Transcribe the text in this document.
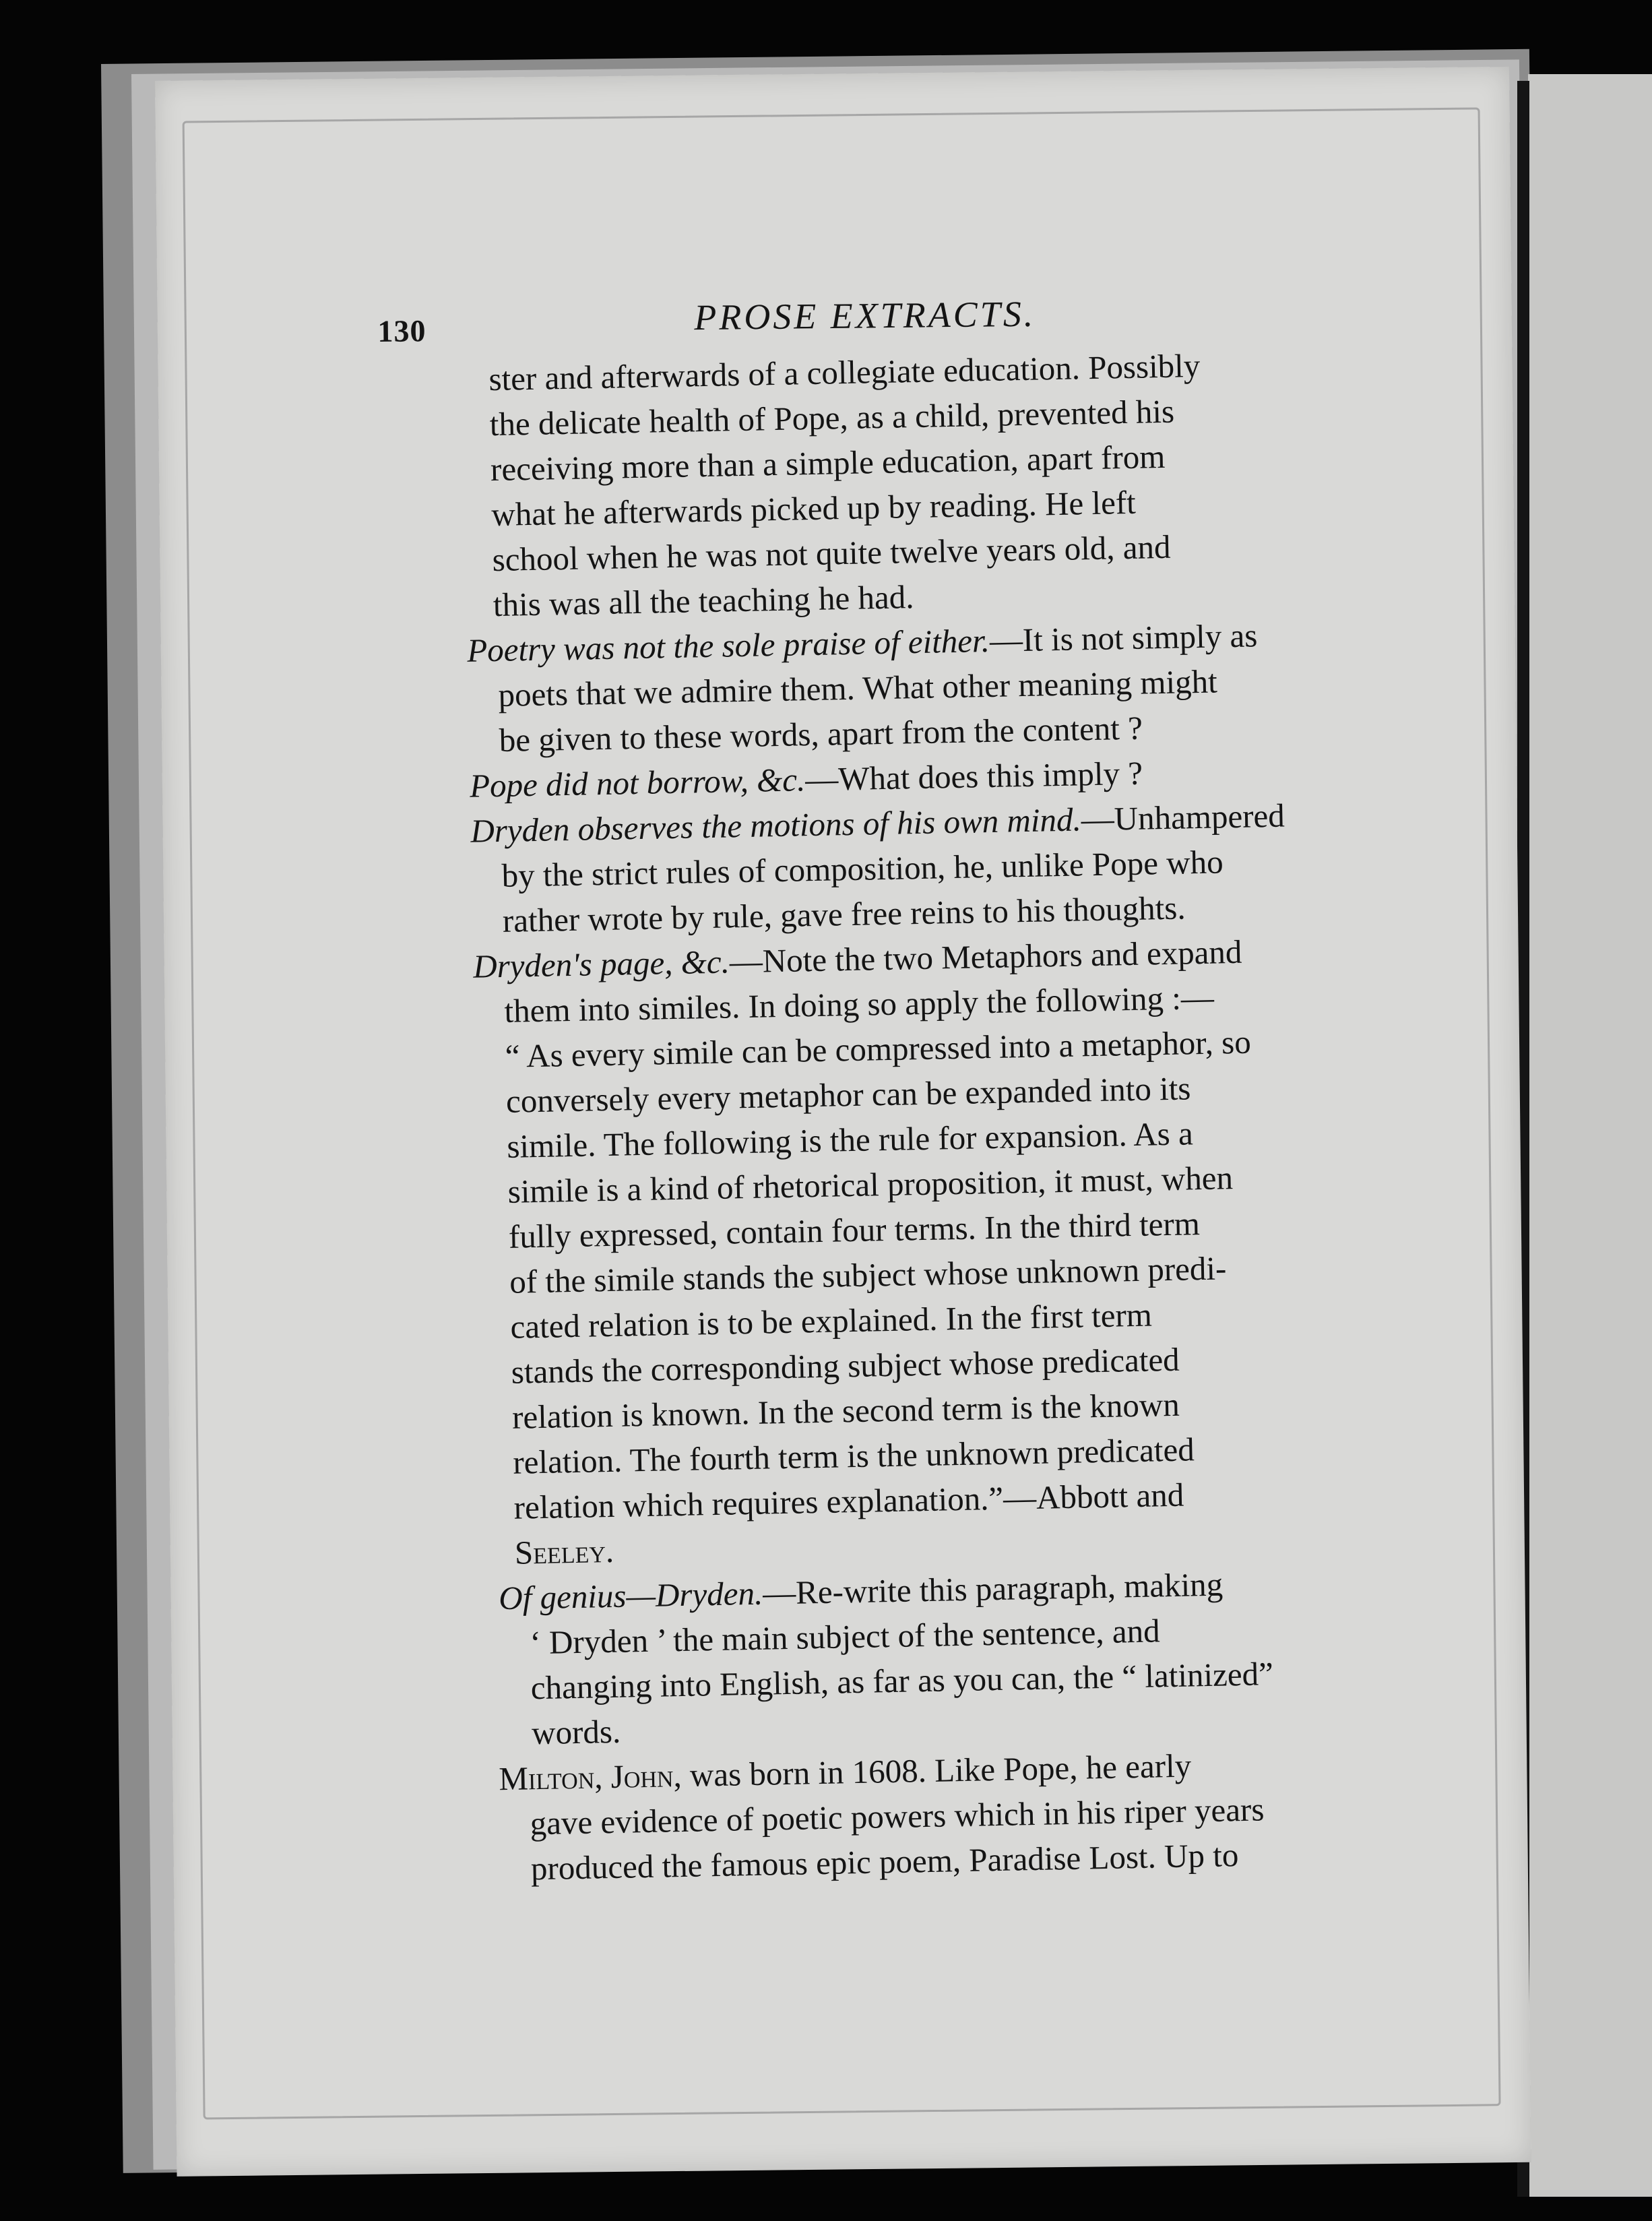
130	PROSE EXTRACTS.
ster and afterwards of a collegiate education. Possibly
the delicate health of Pope, as a child, prevented his
receiving more than a simple education, apart from
what he afterwards picked up by reading. He left
school when he was not quite twelve years old, and
this was all the teaching he had.
Poetry was not the sole praise of either.—It is not simply as
poets that we admire them. What other meaning might
be given to these words, apart from the content ?
Pope did not borrow, &c.—What does this imply ?
Dryden observes the motions of his own mind.—Unhampered
by the strict rules of composition, he, unlike Pope who
rather wrote by rule, gave free reins to his thoughts.
Dryden's page, &c.—Note the two Metaphors and expand
them into similes. In doing so apply the following :—
“ As every simile can be compressed into a metaphor, so
conversely every metaphor can be expanded into its
simile. The following is the rule for expansion. As a
simile is a kind of rhetorical proposition, it must, when
fully expressed, contain four terms. In the third term
of the simile stands the subject whose unknown predi-
cated relation is to be explained. In the first term
stands the corresponding subject whose predicated
relation is known. In the second term is the known
relation. The fourth term is the unknown predicated
relation which requires explanation.”—Abbott and
Seeley.
Of genius—Dryden.—Re-write this paragraph, making
‘ Dryden ’ the main subject of the sentence, and
changing into English, as far as you can, the “ latinized”
words.
Milton, John, was born in 1608. Like Pope, he early
gave evidence of poetic powers which in his riper years
produced the famous epic poem, Paradise Lost. Up to
